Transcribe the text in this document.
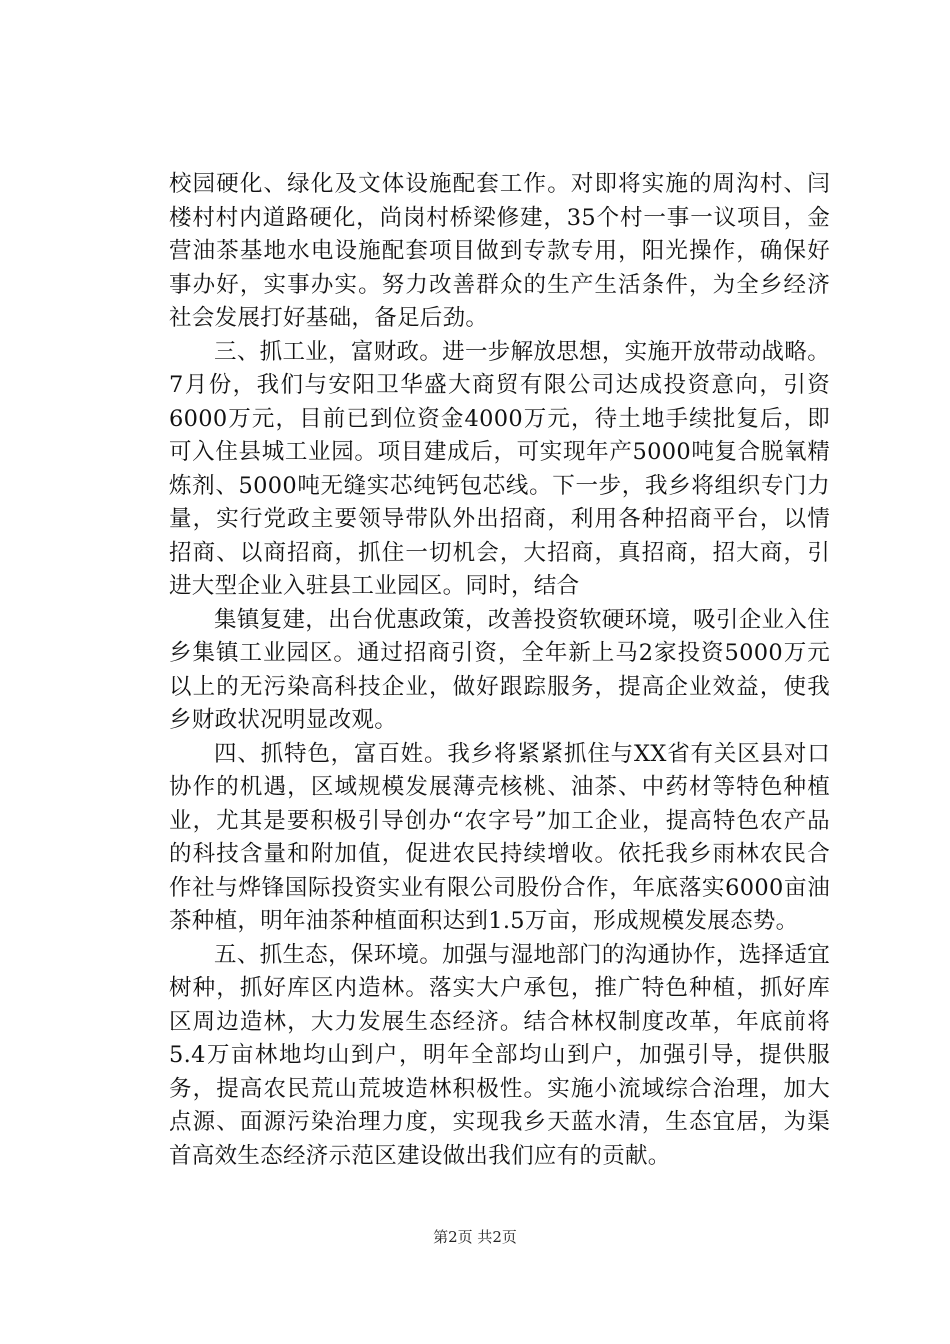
校园硬化、绿化及文体设施配套工作。对即将实施的周沟村、闫楼村村内道路硬化，尚岗村桥梁修建，35个村一事一议项目，金营油茶基地水电设施配套项目做到专款专用，阳光操作，确保好事办好，实事办实。努力改善群众的生产生活条件，为全乡经济社会发展打好基础，备足后劲。

三、抓工业，富财政。进一步解放思想，实施开放带动战略。7月份，我们与安阳卫华盛大商贸有限公司达成投资意向，引资6000万元，目前已到位资金4000万元，待土地手续批复后，即可入住县城工业园。项目建成后，可实现年产5000吨复合脱氧精炼剂、5000吨无缝实芯纯钙包芯线。下一步，我乡将组织专门力量，实行党政主要领导带队外出招商，利用各种招商平台，以情招商、以商招商，抓住一切机会，大招商，真招商，招大商，引进大型企业入驻县工业园区。同时，结合

集镇复建，出台优惠政策，改善投资软硬环境，吸引企业入住乡集镇工业园区。通过招商引资，全年新上马2家投资5000万元以上的无污染高科技企业，做好跟踪服务，提高企业效益，使我乡财政状况明显改观。

四、抓特色，富百姓。我乡将紧紧抓住与XX省有关区县对口协作的机遇，区域规模发展薄壳核桃、油茶、中药材等特色种植业，尤其是要积极引导创办“农字号”加工企业，提高特色农产品的科技含量和附加值，促进农民持续增收。依托我乡雨林农民合作社与烨锋国际投资实业有限公司股份合作，年底落实6000亩油茶种植，明年油茶种植面积达到1.5万亩，形成规模发展态势。

五、抓生态，保环境。加强与湿地部门的沟通协作，选择适宜树种，抓好库区内造林。落实大户承包，推广特色种植，抓好库区周边造林，大力发展生态经济。结合林权制度改革，年底前将5.4万亩林地均山到户，明年全部均山到户，加强引导，提供服务，提高农民荒山荒坡造林积极性。实施小流域综合治理，加大点源、面源污染治理力度，实现我乡天蓝水清，生态宜居，为渠首高效生态经济示范区建设做出我们应有的贡献。

第2页 共2页
